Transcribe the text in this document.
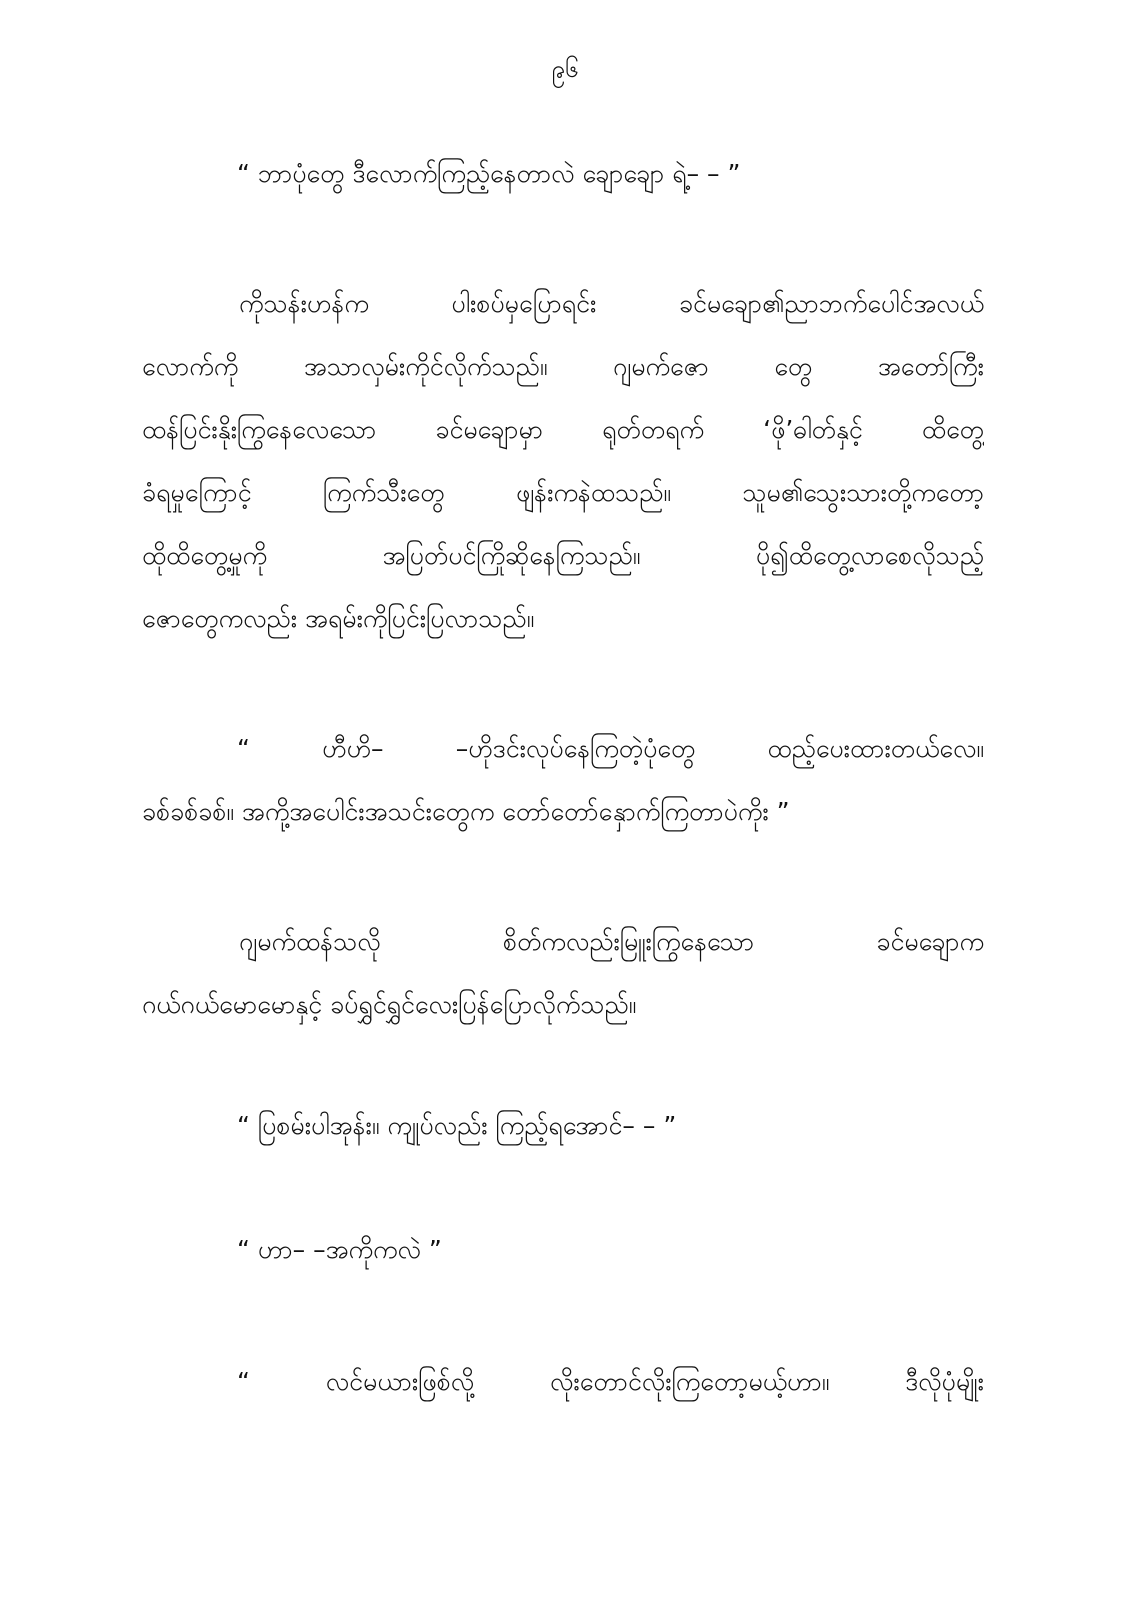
၉၆
“ ဘာပုံတွေ ဒီလောက်ကြည့်နေတာလဲ ချောချော ရဲ့– – ”
ကိုသန်းဟန်က ပါးစပ်မှပြောရင်း ခင်မချော၏ညာဘက်ပေါင်အလယ်
လောက်ကို အသာလှမ်းကိုင်လိုက်သည်။ ဂျမက်ဇော တွေ အတော်ကြီး
ထန်ပြင်းနိုးကြွနေလေသော ခင်မချောမှာ ရုတ်တရက် ‘ဖို’ဓါတ်နှင့် ထိတွေ့
ခံရမှုကြောင့် ကြက်သီးတွေ ဖျန်းကနဲထသည်။ သူမ၏သွေးသားတို့ကတော့
ထိုထိတွေ့မှုကို အပြတ်ပင်ကြိုဆိုနေကြသည်။ ပို၍ထိတွေ့လာစေလိုသည့်
ဇောတွေကလည်း အရမ်းကိုပြင်းပြလာသည်။
“ ဟီဟိ– –ဟိုဒင်းလုပ်နေကြတဲ့ပုံတွေ ထည့်ပေးထားတယ်လေ။
ခစ်ခစ်ခစ်။ အကို့အပေါင်းအသင်းတွေက တော်တော်နှောက်ကြတာပဲကိုး ”
ဂျမက်ထန်သလို စိတ်ကလည်းမြူးကြွနေသော ခင်မချောက
ဂယ်ဂယ်မောမောနှင့် ခပ်ရွှင်ရွှင်လေးပြန်ပြောလိုက်သည်။
“ ပြစမ်းပါအုန်း။ ကျုပ်လည်း ကြည့်ရအောင်– – ”
“ ဟာ– –အကိုကလဲ ”
“ လင်မယားဖြစ်လို့ လိုးတောင်လိုးကြတော့မယ့်ဟာ။ ဒီလိုပုံမျိုး
